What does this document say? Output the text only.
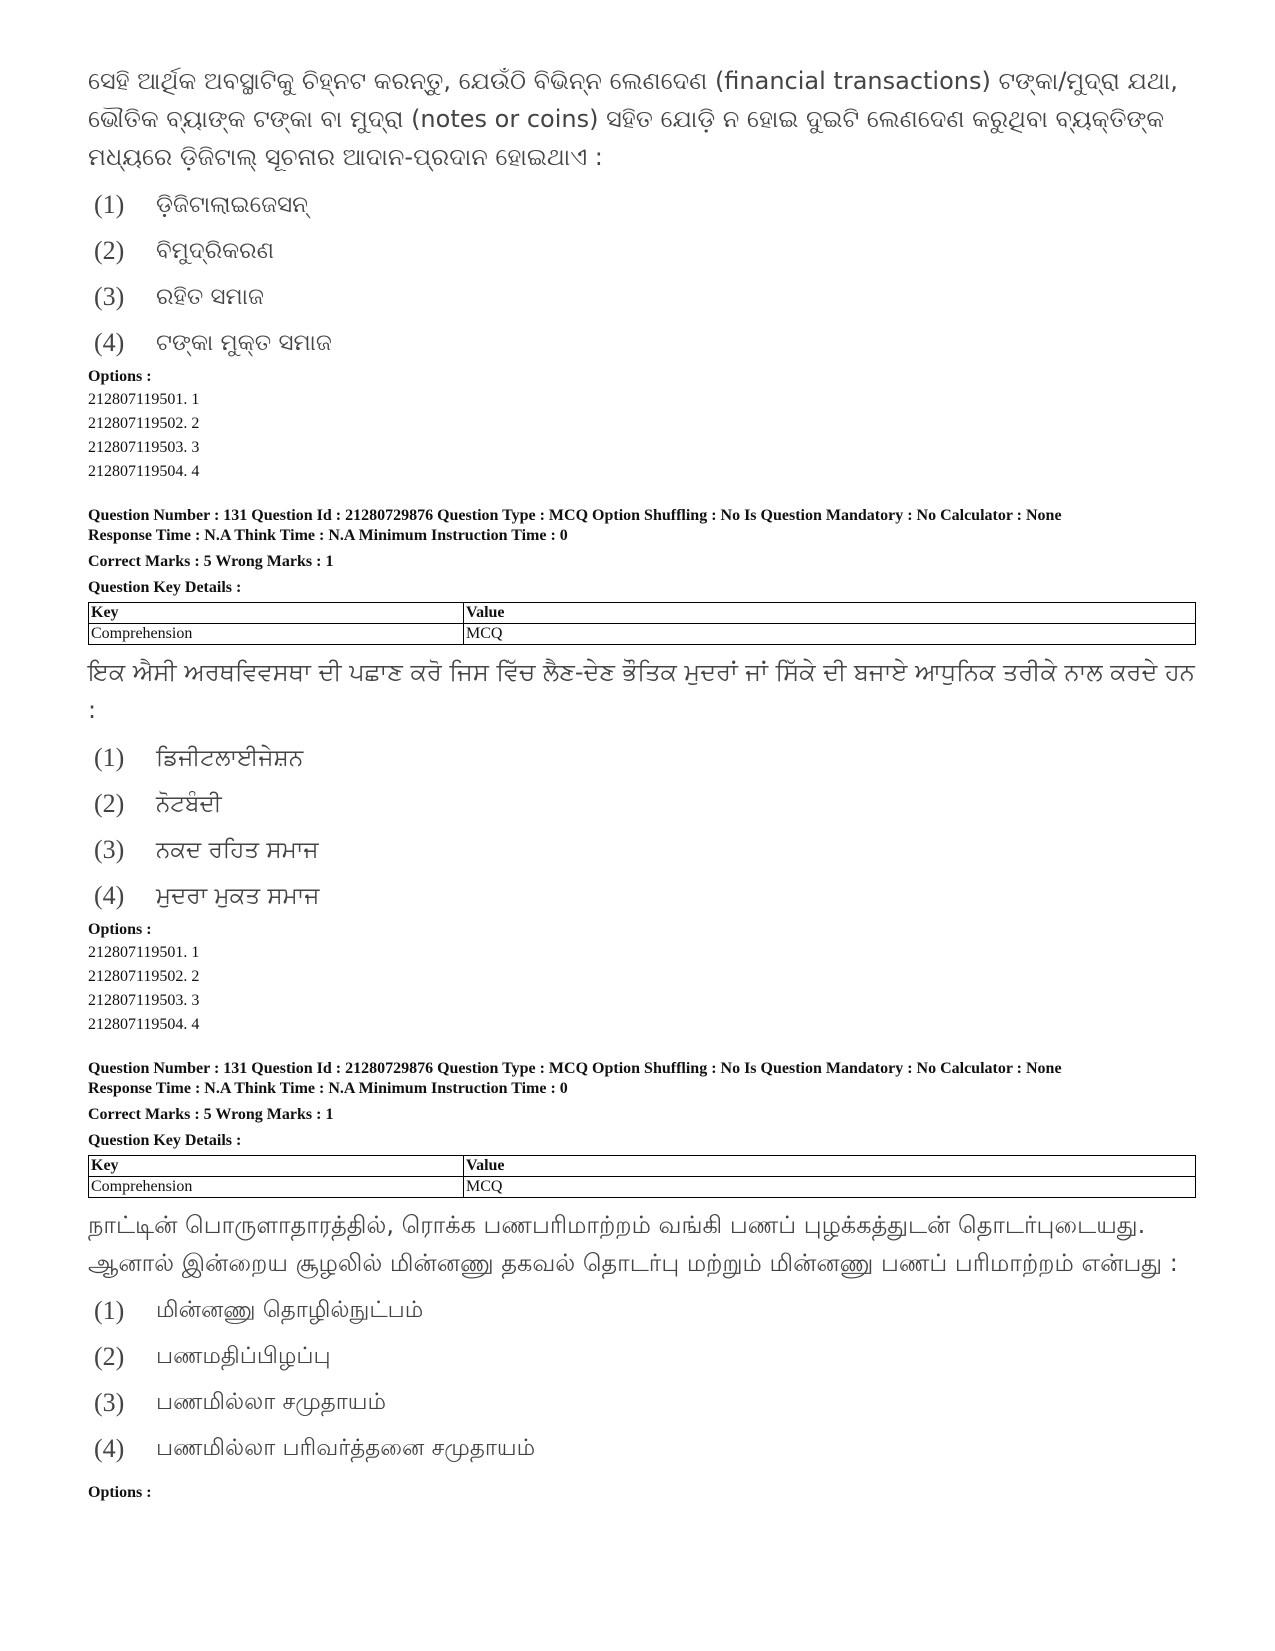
ସେହି ଆର୍ଥିକ ଅବସ୍ଥାଟିକୁ ଚିହ୍ନଟ କରନ୍ତୁ, ଯେଉଁଠି ବିଭିନ୍ନ ଲେଣଦେଣ (financial transactions) ଟଙ୍କା/ମୁଦ୍ରା ଯଥା, ଭୌତିକ ବ୍ୟାଙ୍କ ଟଙ୍କା ବା ମୁଦ୍ରା (notes or coins) ସହିତ ଯୋଡ଼ି ନ ହୋଇ ଦୁଇଟି ଲେଣଦେଣ କରୁଥିବା ବ୍ୟକ୍ତିଙ୍କ ମଧ୍ୟରେ ଡ଼ିଜିଟାଲ୍ ସୂଚନାର ଆଦାନ-ପ୍ରଦାନ ହୋଇଥାଏ :
(1)	ଡ଼ିଜିଟାଲାଇଜେସନ୍
(2)	ବିମୁଦ୍ରିକରଣ
(3)	ରହିତ ସମାଜ
(4)	ଟଙ୍କା ମୁକ୍ତ ସମାଜ
Options :
212807119501. 1
212807119502. 2
212807119503. 3
212807119504. 4
Question Number : 131 Question Id : 21280729876 Question Type : MCQ Option Shuffling : No Is Question Mandatory : No Calculator : None
Response Time : N.A Think Time : N.A Minimum Instruction Time : 0
Correct Marks : 5 Wrong Marks : 1
Question Key Details :
Key	Value
Comprehension	MCQ
ਇਕ ਐਸੀ ਅਰਥਵਿਵਸਥਾ ਦੀ ਪਛਾਣ ਕਰੋ ਜਿਸ ਵਿੱਚ ਲੈਣ-ਦੇਣ ਭੌਤਿਕ ਮੁਦਰਾਂ ਜਾਂ ਸਿੱਕੇ ਦੀ ਬਜਾਏ ਆਧੁਨਿਕ ਤਰੀਕੇ ਨਾਲ ਕਰਦੇ ਹਨ :
(1)	ਡਿਜੀਟਲਾਈਜੇਸ਼ਨ
(2)	ਨੋਟਬੰਦੀ
(3)	ਨਕਦ ਰਹਿਤ ਸਮਾਜ
(4)	ਮੁਦਰਾ ਮੁਕਤ ਸਮਾਜ
Options :
212807119501. 1
212807119502. 2
212807119503. 3
212807119504. 4
Question Number : 131 Question Id : 21280729876 Question Type : MCQ Option Shuffling : No Is Question Mandatory : No Calculator : None
Response Time : N.A Think Time : N.A Minimum Instruction Time : 0
Correct Marks : 5 Wrong Marks : 1
Question Key Details :
Key	Value
Comprehension	MCQ
நாட்டின் பொருளாதாரத்தில், ரொக்க பணபரிமாற்றம் வங்கி பணப் புழக்கத்துடன் தொடர்புடையது. ஆனால் இன்றைய சூழலில் மின்னணு தகவல் தொடர்பு மற்றும் மின்னணு பணப் பரிமாற்றம் என்பது :
(1)	மின்னணு தொழில்நுட்பம்
(2)	பணமதிப்பிழப்பு
(3)	பணமில்லா சமுதாயம்
(4)	பணமில்லா பரிவர்த்தனை சமுதாயம்
Options :
